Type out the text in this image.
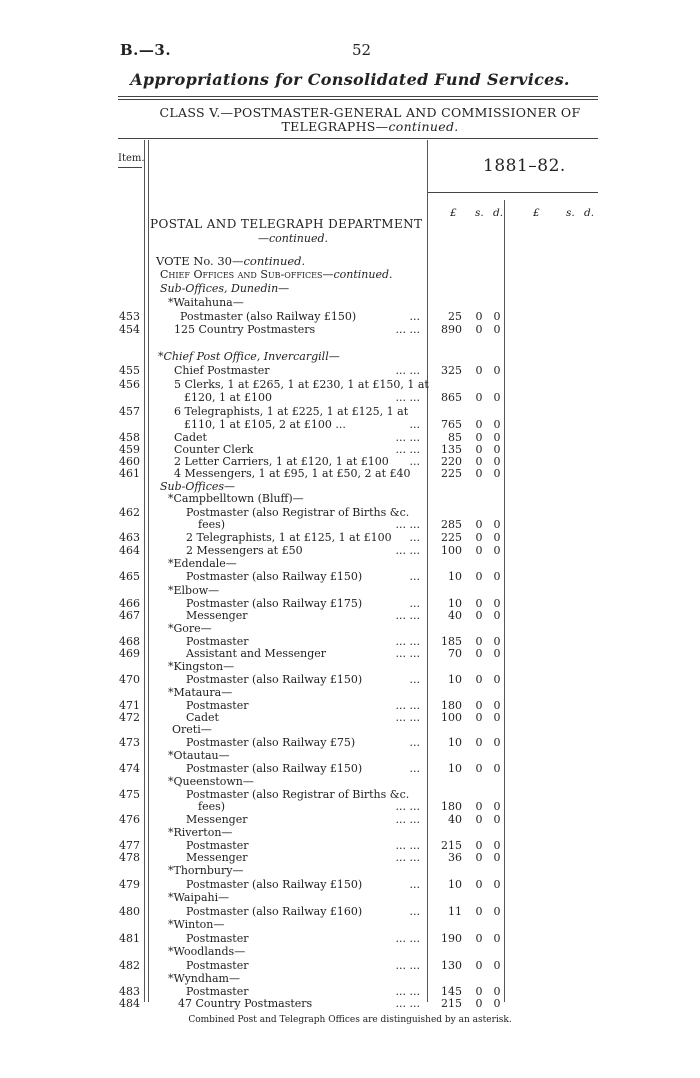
B.—3.	52
Appropriations for Consolidated Fund Services.
CLASS V.—POSTMASTER-GENERAL AND COMMISSIONER OF
TELEGRAPHS—continued.
Item.	1881–82.
£ s. d.	£	s. d.
POSTAL AND TELEGRAPH DEPARTMENT
—continued.
VOTE No. 30—continued.
Chief Offices and Sub-offices—continued.
Sub-Offices, Dunedin—
*Waitahuna—
453	Postmaster (also Railway £150)	...	25 0 0
454	125 Country Postmasters	... ...	890 0 0
*Chief Post Office, Invercargill—
455	Chief Postmaster	... ...	325 0 0
456	5 Clerks, 1 at £265, 1 at £230, 1 at £150, 1 at
£120, 1 at £100	... ...	865 0 0
457	6 Telegraphists, 1 at £225, 1 at £125, 1 at
£110, 1 at £105, 2 at £100 ...	...	765 0 0
458	Cadet	... ...	85 0 0
459	Counter Clerk	... ...	135 0 0
460	2 Letter Carriers, 1 at £120, 1 at £100	...	220 0 0
461	4 Messengers, 1 at £95, 1 at £50, 2 at £40	225 0 0
Sub-Offices—
*Campbelltown (Bluff)—
462	Postmaster (also Registrar of Births &c.
fees)	... ...	285 0 0
463	2 Telegraphists, 1 at £125, 1 at £100	...	225 0 0
464	2 Messengers at £50	... ...	100 0 0
*Edendale—
465	Postmaster (also Railway £150)	...	10 0 0
*Elbow—
466	Postmaster (also Railway £175)	...	10 0 0
467	Messenger	... ...	40 0 0
*Gore—
468	Postmaster	... ...	185 0 0
469	Assistant and Messenger	... ...	70 0 0
*Kingston—
470	Postmaster (also Railway £150)	...	10 0 0
*Mataura—
471	Postmaster	... ...	180 0 0
472	Cadet	... ...	100 0 0
Oreti—
473	Postmaster (also Railway £75)	...	10 0 0
*Otautau—
474	Postmaster (also Railway £150)	...	10 0 0
*Queenstown—
475	Postmaster (also Registrar of Births &c.
fees)	... ...	180 0 0
476	Messenger	... ...	40 0 0
*Riverton—
477	Postmaster	... ...	215 0 0
478	Messenger	... ...	36 0 0
*Thornbury—
479	Postmaster (also Railway £150)	...	10 0 0
*Waipahi—
480	Postmaster (also Railway £160)	...	11 0 0
*Winton—
481	Postmaster	... ...	190 0 0
*Woodlands—
482	Postmaster	... ...	130 0 0
*Wyndham—
483	Postmaster	... ...	145 0 0
484	47 Country Postmasters	... ...	215 0 0
Combined Post and Telegraph Offices are distinguished by an asterisk.
